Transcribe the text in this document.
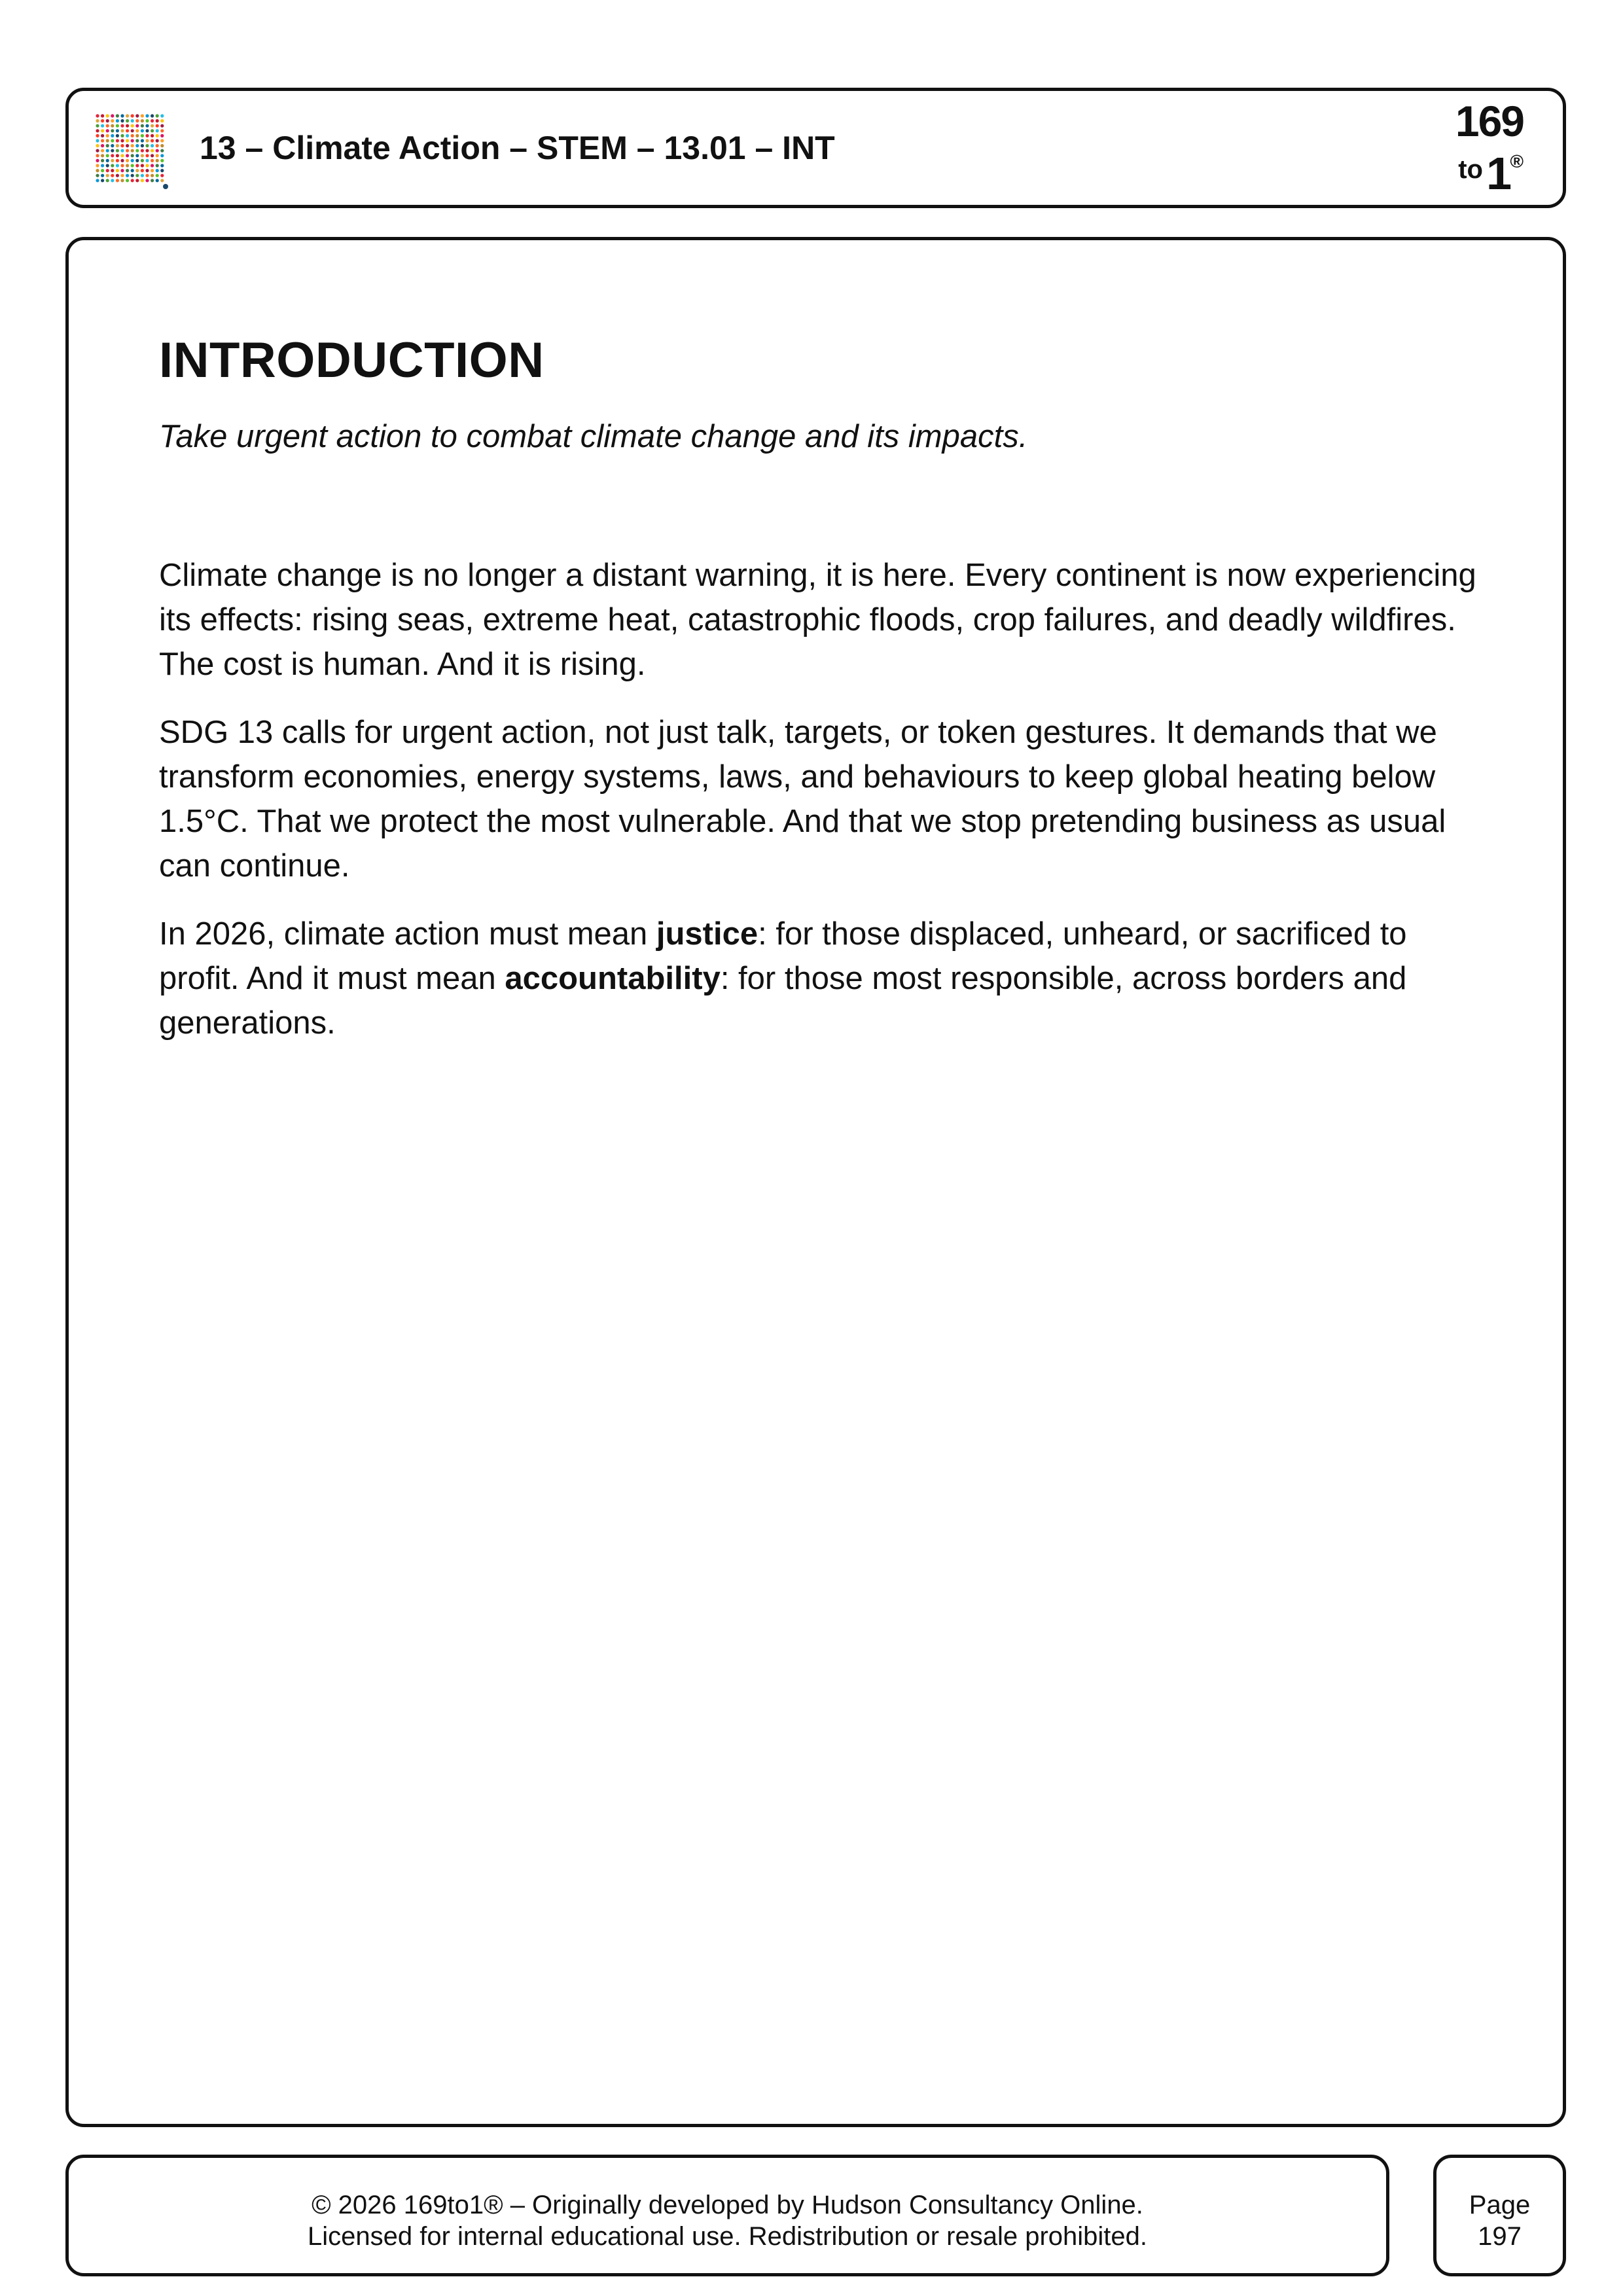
13 – Climate Action – STEM – 13.01 – INT
169
to 1
®
INTRODUCTION

Take urgent action to combat climate change and its impacts.

Climate change is no longer a distant warning, it is here. Every continent is now experiencing its effects: rising seas, extreme heat, catastrophic floods, crop failures, and deadly wildfires. The cost is human. And it is rising.

SDG 13 calls for urgent action, not just talk, targets, or token gestures. It demands that we transform economies, energy systems, laws, and behaviours to keep global heating below 1.5°C. That we protect the most vulnerable. And that we stop pretending business as usual can continue.

In 2026, climate action must mean justice: for those displaced, unheard, or sacrificed to profit. And it must mean accountability: for those most responsible, across borders and generations.

© 2026 169to1® – Originally developed by Hudson Consultancy Online.
Licensed for internal educational use. Redistribution or resale prohibited.
Page
197
